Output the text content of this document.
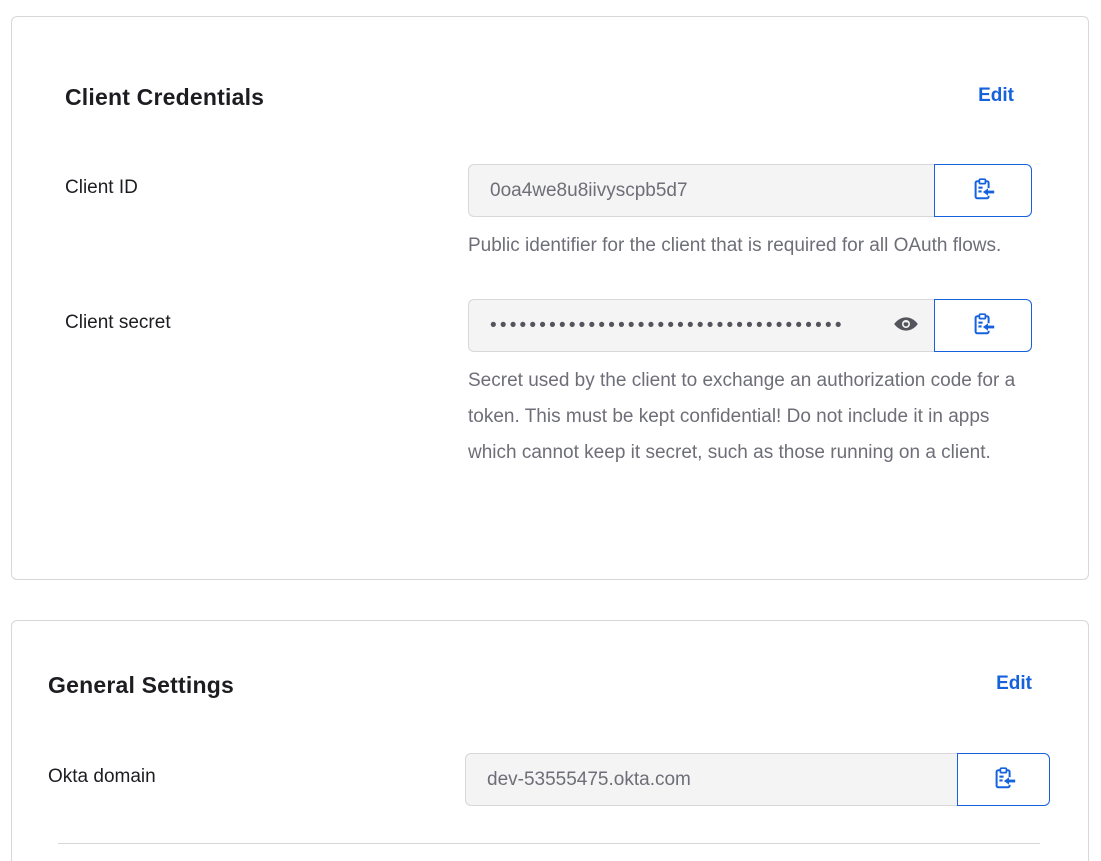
Client Credentials	Edit
Client ID	0oa4we8u8iivyscpb5d7

Public identifier for the client that is required for all OAuth flows.

Client secret	••••••••••••••••••••••••••••••••••••

Secret used by the client to exchange an authorization code for a token. This must be kept confidential! Do not include it in apps which cannot keep it secret, such as those running on a client.

General Settings	Edit
Okta domain	dev-53555475.okta.com
